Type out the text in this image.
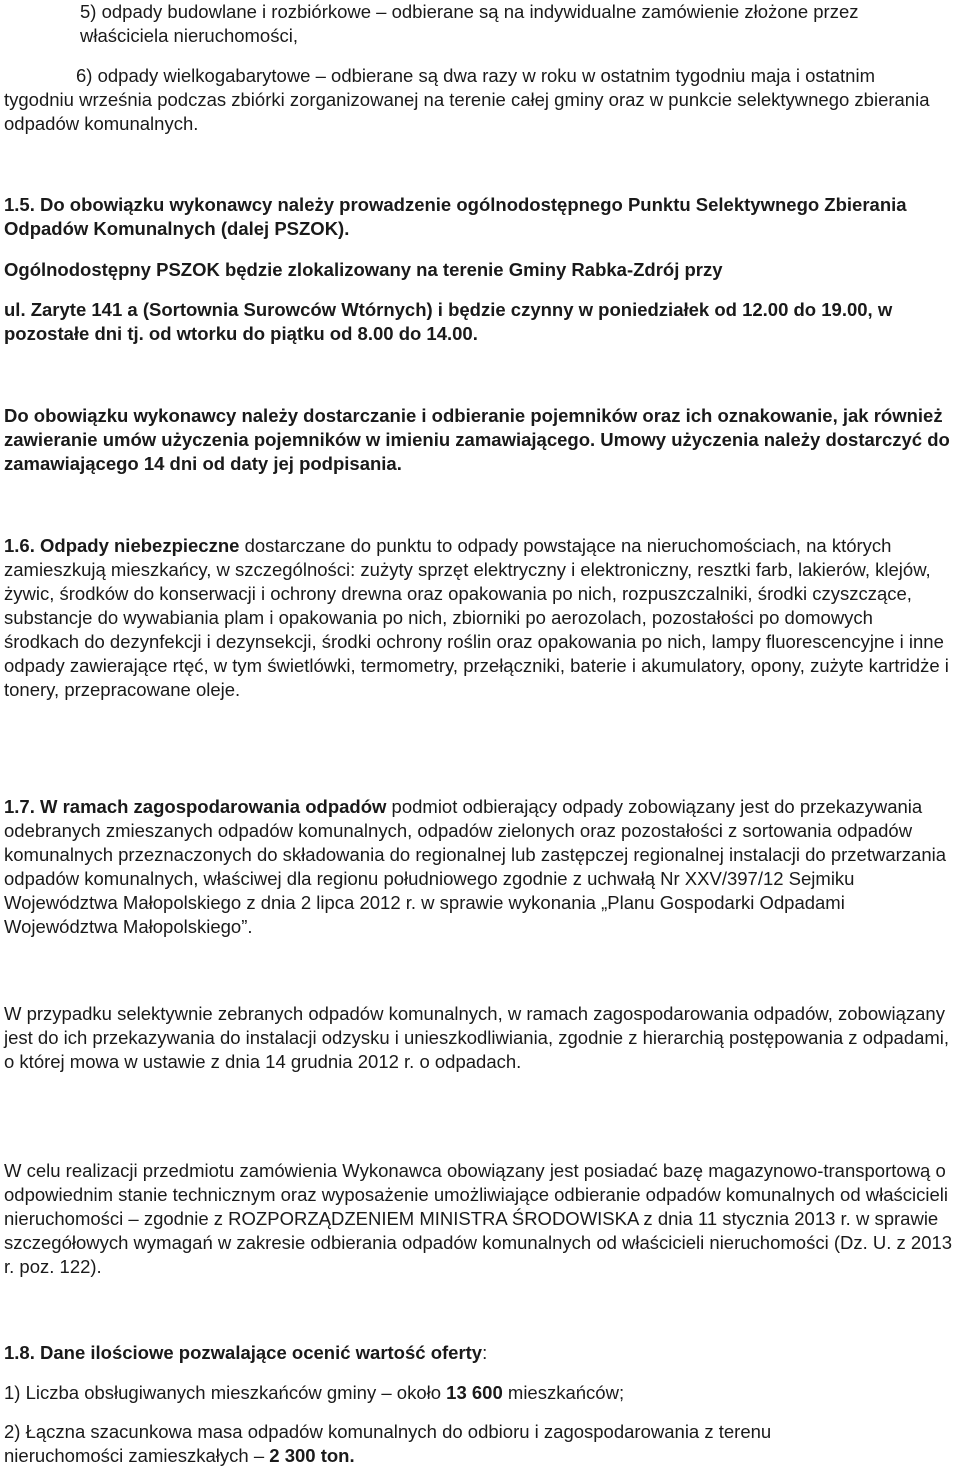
5) odpady budowlane i rozbiórkowe – odbierane są na indywidualne zamówienie złożone przez właściciela nieruchomości,

6) odpady wielkogabarytowe – odbierane są dwa razy w roku w ostatnim tygodniu maja i ostatnim tygodniu września podczas zbiórki zorganizowanej na terenie całej gminy oraz w punkcie selektywnego zbierania odpadów komunalnych.

1.5. Do obowiązku wykonawcy należy prowadzenie ogólnodostępnego Punktu Selektywnego Zbierania Odpadów Komunalnych (dalej PSZOK).

Ogólnodostępny PSZOK będzie zlokalizowany na terenie Gminy Rabka-Zdrój przy

ul. Zaryte 141 a (Sortownia Surowców Wtórnych) i będzie czynny w poniedziałek od 12.00 do 19.00, w pozostałe dni tj. od wtorku do piątku od 8.00 do 14.00.

Do obowiązku wykonawcy należy dostarczanie i odbieranie pojemników oraz ich oznakowanie, jak również zawieranie umów użyczenia pojemników w imieniu zamawiającego. Umowy użyczenia należy dostarczyć do zamawiającego 14 dni od daty jej podpisania.

1.6. Odpady niebezpieczne dostarczane do punktu to odpady powstające na nieruchomościach, na których zamieszkują mieszkańcy, w szczególności: zużyty sprzęt elektryczny i elektroniczny, resztki farb, lakierów, klejów, żywic, środków do konserwacji i ochrony drewna oraz opakowania po nich, rozpuszczalniki, środki czyszczące, substancje do wywabiania plam i opakowania po nich, zbiorniki po aerozolach, pozostałości po domowych środkach do dezynfekcji i dezynsekcji, środki ochrony roślin oraz opakowania po nich, lampy fluorescencyjne i inne odpady zawierające rtęć, w tym świetlówki, termometry, przełączniki, baterie i akumulatory, opony, zużyte kartridże i tonery, przepracowane oleje.

1.7. W ramach zagospodarowania odpadów podmiot odbierający odpady zobowiązany jest do przekazywania odebranych zmieszanych odpadów komunalnych, odpadów zielonych oraz pozostałości z sortowania odpadów komunalnych przeznaczonych do składowania do regionalnej lub zastępczej regionalnej instalacji do przetwarzania odpadów komunalnych, właściwej dla regionu południowego zgodnie z uchwałą Nr XXV/397/12 Sejmiku Województwa Małopolskiego z dnia 2 lipca 2012 r. w sprawie wykonania „Planu Gospodarki Odpadami Województwa Małopolskiego”.

W przypadku selektywnie zebranych odpadów komunalnych, w ramach zagospodarowania odpadów, zobowiązany jest do ich przekazywania do instalacji odzysku i unieszkodliwiania, zgodnie z hierarchią postępowania z odpadami, o której mowa w ustawie z dnia 14 grudnia 2012 r. o odpadach.

W celu realizacji przedmiotu zamówienia Wykonawca obowiązany jest posiadać bazę magazynowo-transportową o odpowiednim stanie technicznym oraz wyposażenie umożliwiające odbieranie odpadów komunalnych od właścicieli nieruchomości – zgodnie z ROZPORZĄDZENIEM MINISTRA ŚRODOWISKA z dnia 11 stycznia 2013 r. w sprawie szczegółowych wymagań w zakresie odbierania odpadów komunalnych od właścicieli nieruchomości (Dz. U. z 2013 r. poz. 122).

1.8. Dane ilościowe pozwalające ocenić wartość oferty:

1) Liczba obsługiwanych mieszkańców gminy – około 13 600 mieszkańców;

2) Łączna szacunkowa masa odpadów komunalnych do odbioru i zagospodarowania z terenu nieruchomości zamieszkałych – 2 300 ton.
